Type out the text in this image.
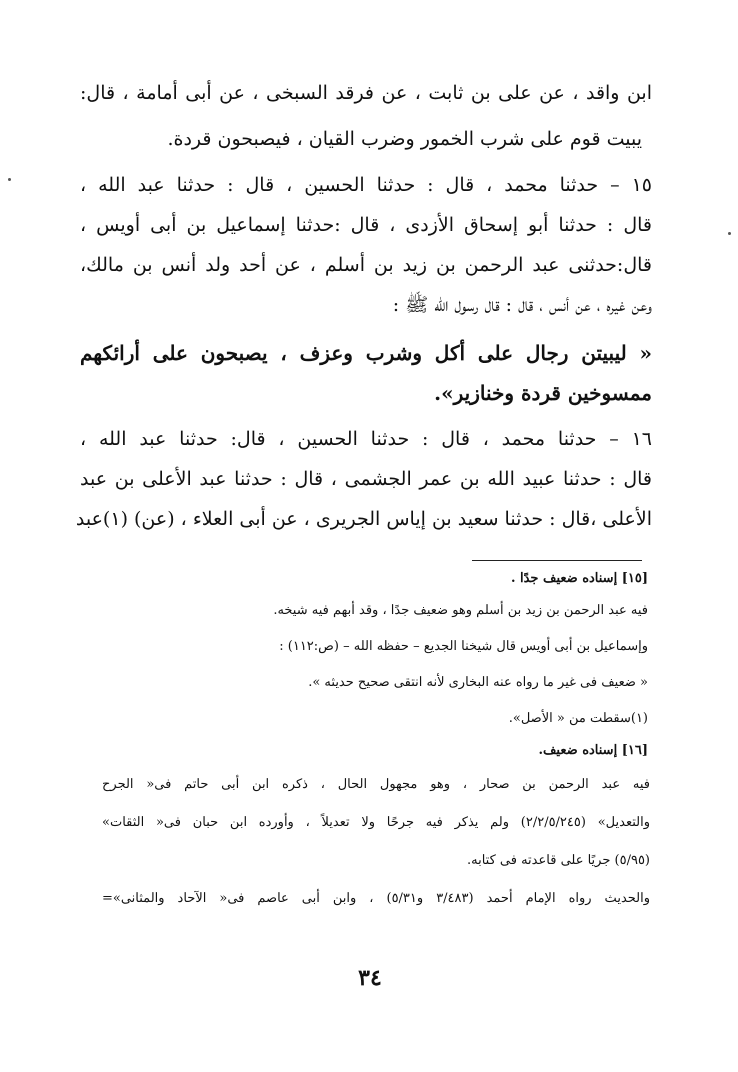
ابن واقد ، عن على بن ثابت ، عن فرقد السبخى ، عن أبى أمامة ، قال:
يبيت قوم على شرب الخمور وضرب القيان ، فيصبحون قردة.
١٥ – حدثنا محمد ، قال : حدثنا الحسين ، قال : حدثنا عبد الله ،
قال : حدثنا أبو إسحاق الأزدى ، قال :حدثنا إسماعيل بن أبى أويس ،
قال:حدثنى عبد الرحمن بن زيد بن أسلم ، عن أحد ولد أنس بن مالك،
وعن غيره ، عن أنس ، قال : قال رسول الله ﷺ :
« ليبيتن رجال على أكل وشرب وعزف ، يصبحون على أرائكهم
ممسوخين قردة وخنازير».
١٦ – حدثنا محمد ، قال : حدثنا الحسين ، قال: حدثنا عبد الله ،
قال : حدثنا عبيد الله بن عمر الجشمى ، قال : حدثنا عبد الأعلى بن عبد
الأعلى ،قال : حدثنا سعيد بن إياس الجريرى ، عن أبى العلاء ، (عن) (١)عبد
[١٥] إسناده ضعيف جدًا .
فيه عبد الرحمن بن زيد بن أسلم وهو ضعيف جدًا ، وقد أبهم فيه شيخه.
وإسماعيل بن أبى أويس قال شيخنا الجديع – حفظه الله – (ص:١١٢) :
« ضعيف فى غير ما رواه عنه البخارى لأنه انتقى صحيح حديثه ».
(١)سقطت من « الأصل».
[١٦] إسناده ضعيف.
فيه عبد الرحمن بن صحار ، وهو مجهول الحال ، ذكره ابن أبى حاتم فى« الجرح
والتعديل» (٢/٢/٥/٢٤٥) ولم يذكر فيه جرحًا ولا تعديلاً ، وأورده ابن حبان فى« الثقات»
(٥/٩٥) جريًا على قاعدته فى كتابه.
والحديث رواه الإمام أحمد (٣/٤٨٣ و٥/٣١) ، وابن أبى عاصم فى« الآحاد والمثانى»=
٣٤
